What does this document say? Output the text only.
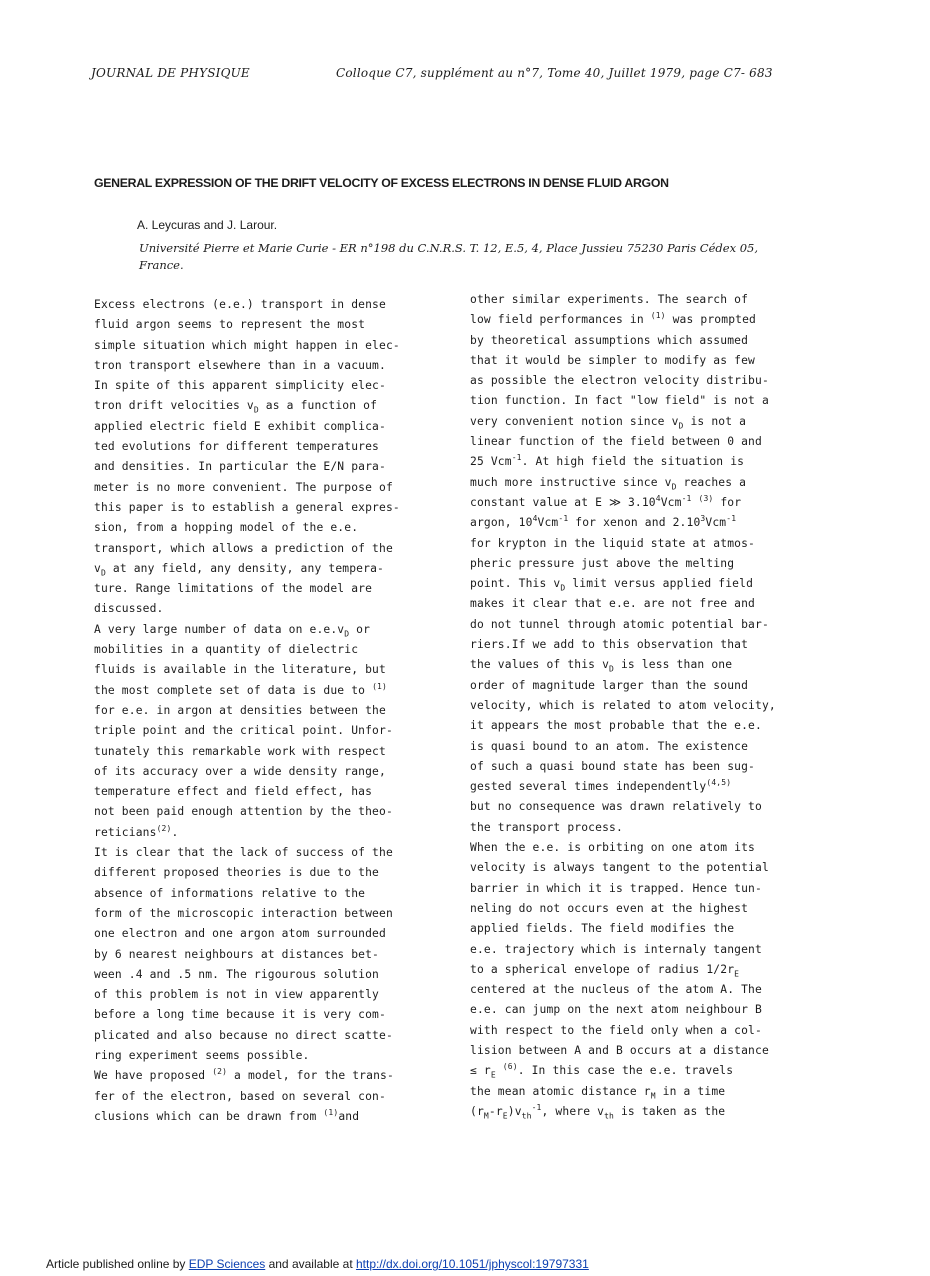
JOURNAL DE PHYSIQUE	Colloque C7, supplément au n°7, Tome 40, Juillet 1979, page C7- 683
GENERAL EXPRESSION OF THE DRIFT VELOCITY OF EXCESS ELECTRONS IN DENSE FLUID ARGON
A. Leycuras and J. Larour.
Université Pierre et Marie Curie - ER n°198 du C.N.R.S. T. 12, E.5, 4, Place Jussieu 75230 Paris Cédex 05, France.
Excess electrons (e.e.) transport in dense
fluid argon seems to represent the most
simple situation which might happen in elec-
tron transport elsewhere than in a vacuum.
In spite of this apparent simplicity elec-
tron drift velocities $v_D$ as a function of
applied electric field E exhibit complica-
ted evolutions for different temperatures
and densities. In particular the E/N para-
meter is no more convenient. The purpose of
this paper is to establish a general expres-
sion, from a hopping model of the e.e.
transport, which allows a prediction of the
$v_D$ at any field, any density, any tempera-
ture. Range limitations of the model are
discussed.
A very large number of data on $e.e.v_D$ or
mobilities in a quantity of dielectric
fluids is available in the literature, but
the most complete set of data is due to $^{(1)}$
for e.e. in argon at densities between the
triple point and the critical point. Unfor-
tunately this remarkable work with respect
of its accuracy over a wide density range,
temperature effect and field effect, has
not been paid enough attention by the theo-
reticians$^{(2)}$.
It is clear that the lack of success of the
different proposed theories is due to the
absence of informations relative to the
form of the microscopic interaction between
one electron and one argon atom surrounded
by 6 nearest neighbours at distances bet-
ween .4 and .5 nm. The rigourous solution
of this problem is not in view apparently
before a long time because it is very com-
plicated and also because no direct scatte-
ring experiment seems possible.
We have proposed $^{(2)}$ a model, for the trans-
fer of the electron, based on several con-
clusions which can be drawn from $^{(1)}$and
other similar experiments. The search of
low field performances in $^{(1)}$ was prompted
by theoretical assumptions which assumed
that it would be simpler to modify as few
as possible the electron velocity distribu-
tion function. In fact "low field" is not a
very convenient notion since $v_D$ is not a
linear function of the field between 0 and
25 Vcm$^{-1}$. At high field the situation is
much more instructive since $v_D$ reaches a
constant value at E ≫ 3.10$^4$Vcm$^{-1}$ $^{(3)}$ for
argon, $10^4Vcm^{-1}$ for xenon and 2.10$^3$Vcm$^{-1}$
for krypton in the liquid state at atmos-
pheric pressure just above the melting
point. This $v_D$ limit versus applied field
makes it clear that e.e. are not free and
do not tunnel through atomic potential bar-
riers.If we add to this observation that
the values of this $v_D$ is less than one
order of magnitude larger than the sound
velocity, which is related to atom velocity,
it appears the most probable that the e.e.
is quasi bound to an atom. The existence
of such a quasi bound state has been sug-
gested several times independently$^{(4,5)}$
but no consequence was drawn relatively to
the transport process.
When the e.e. is orbiting on one atom its
velocity is always tangent to the potential
barrier in which it is trapped. Hence tun-
neling do not occurs even at the highest
applied fields. The field modifies the
e.e. trajectory which is internaly tangent
to a spherical envelope of radius $1/2r_E$
centered at the nucleus of the atom A. The
e.e. can jump on the next atom neighbour B
with respect to the field only when a col-
lision between A and B occurs at a distance
≤ $r_E$ $^{(6)}$. In this case the e.e. travels
the mean atomic distance $r_M$ in a time
$(r_M-r_E)v_{th}^{-1}$, where $v_{th}$ is taken as the
Article published online by EDP Sciences and available at http://dx.doi.org/10.1051/jphyscol:19797331
